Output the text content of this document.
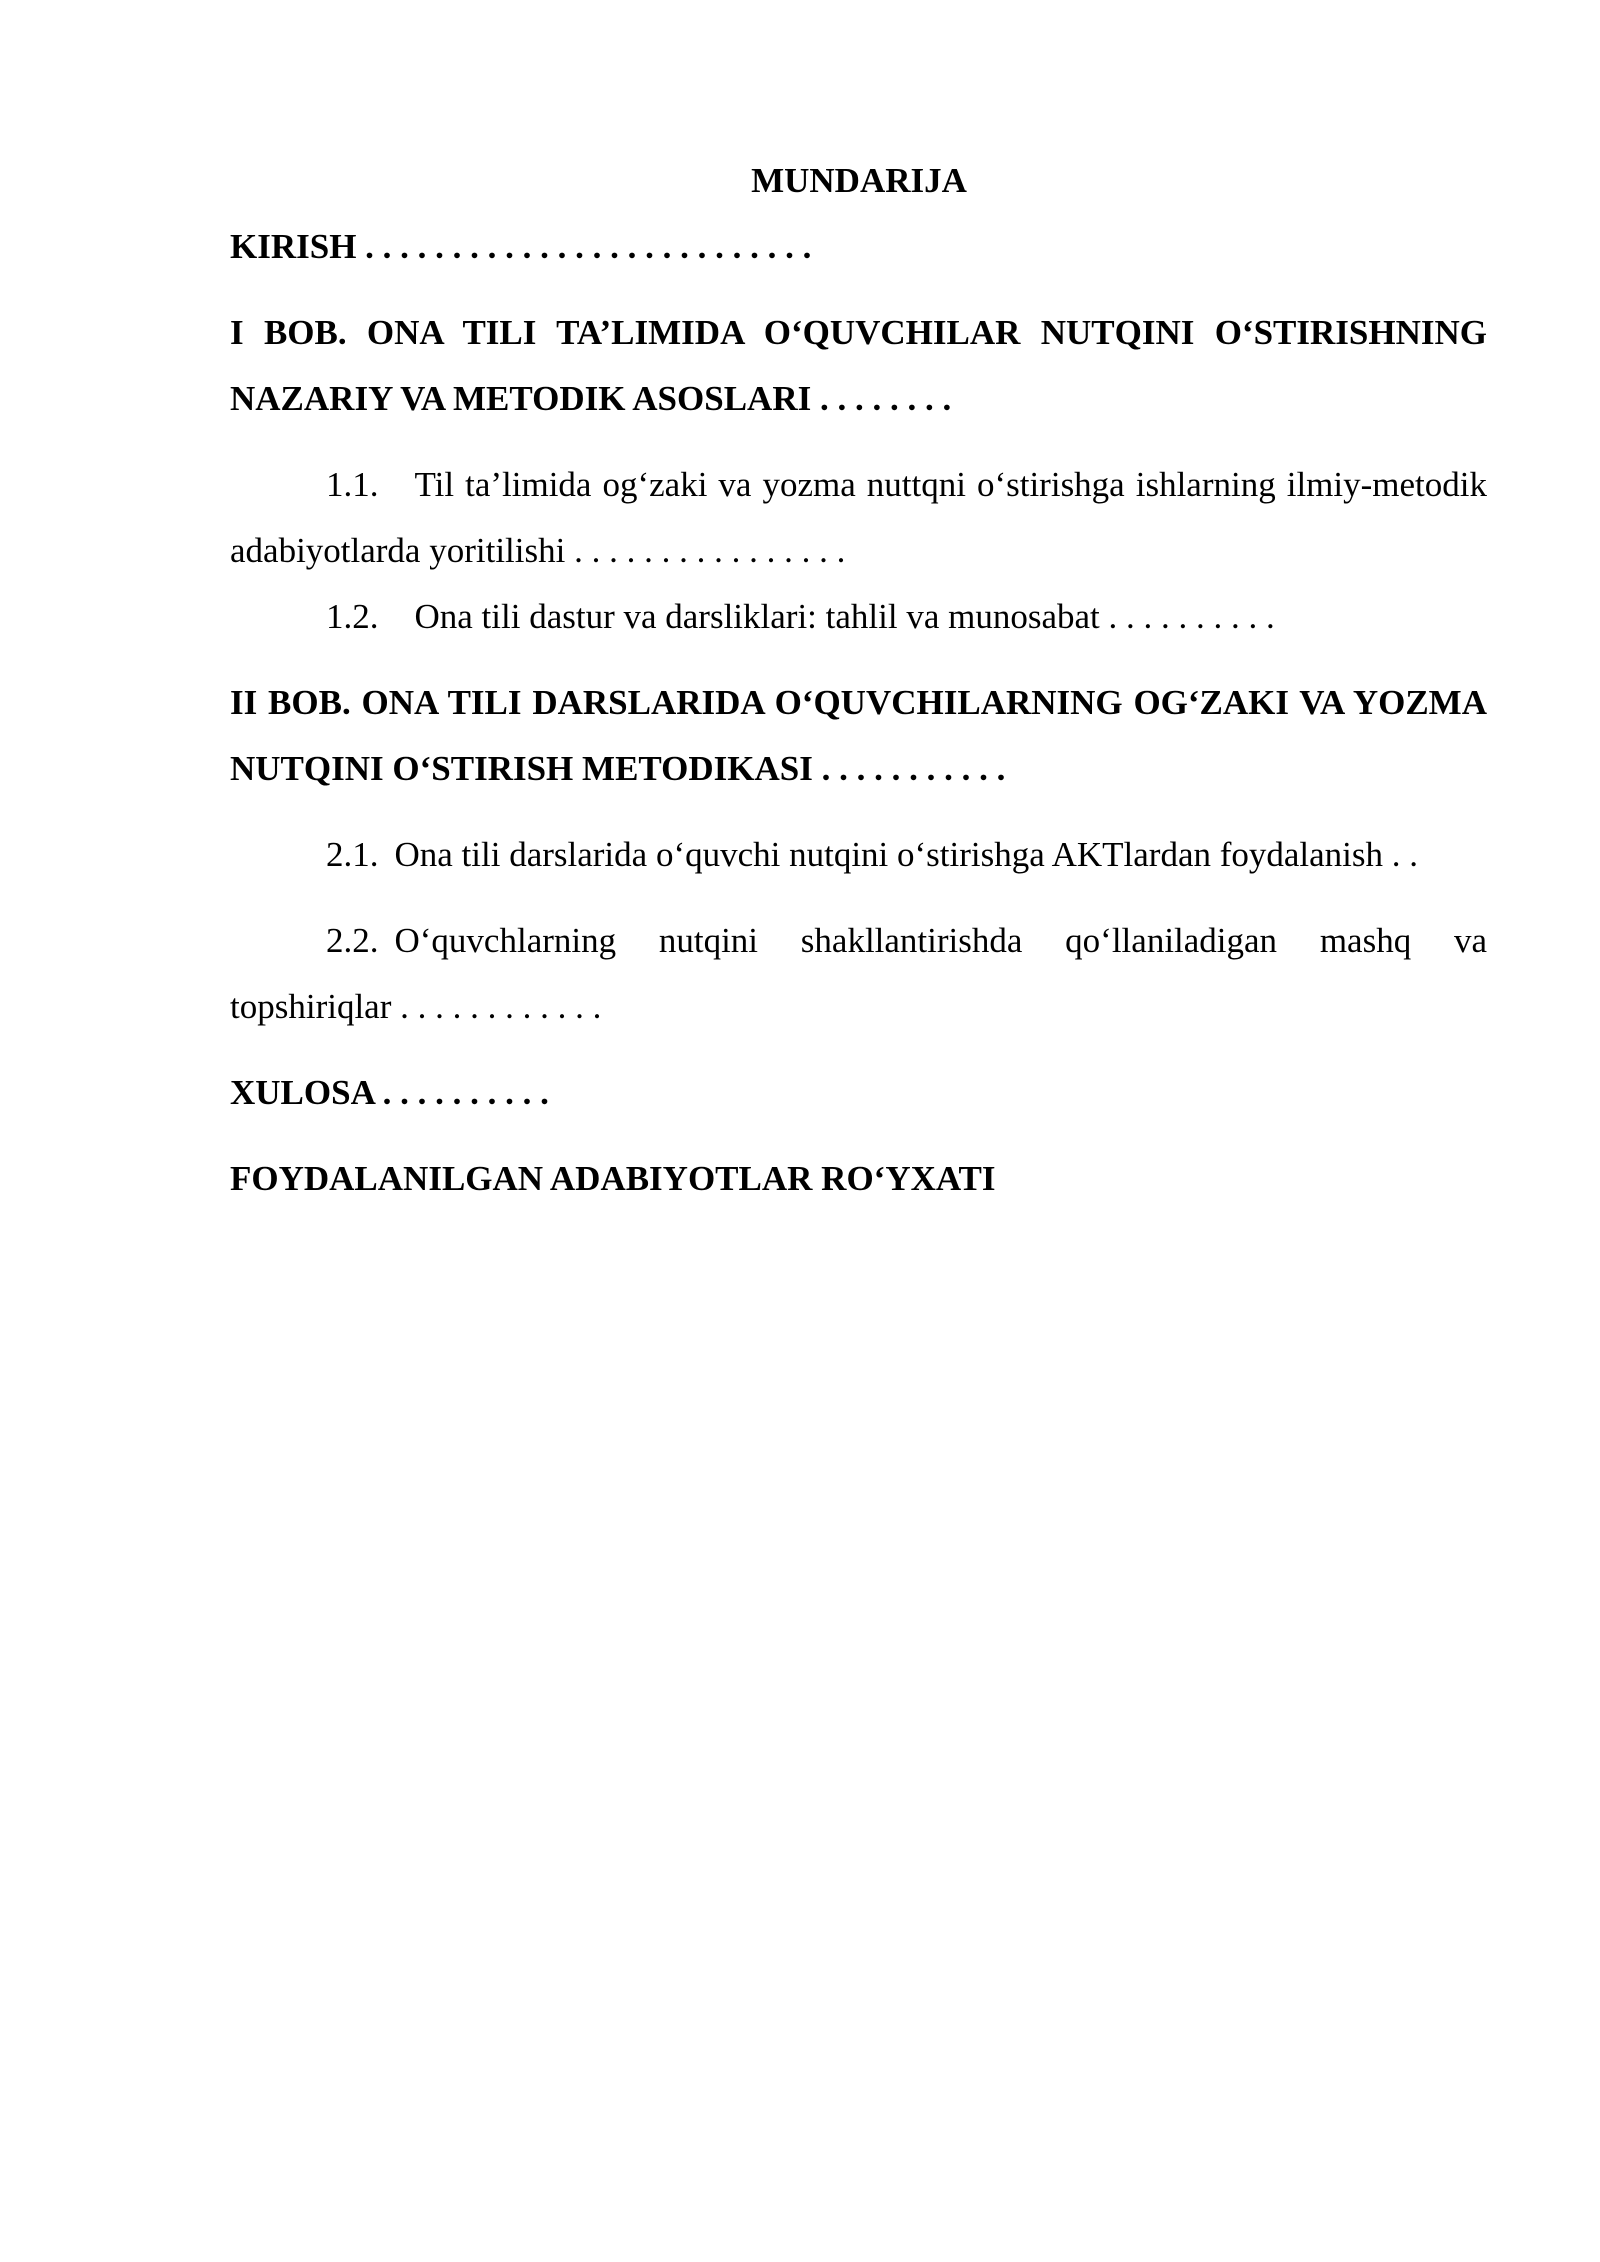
MUNDARIJA

KIRISH . . . . . . . . . . . . . . . . . . . . . . . . . .

I BOB. ONA TILI TA’LIMIDA O‘QUVCHILAR NUTQINI O‘STIRISHNING NAZARIY VA METODIK ASOSLARI . . . . . . . .

1.1. Til ta’limida og‘zaki va yozma nuttqni o‘stirishga ishlarning ilmiy-metodik adabiyotlarda yoritilishi . . . . . . . . . . . . . . . .

1.2. Ona tili dastur va darsliklari: tahlil va munosabat . . . . . . . . . .

II BOB. ONA TILI DARSLARIDA O‘QUVCHILARNING OG‘ZAKI VA YOZMA NUTQINI O‘STIRISH METODIKASI . . . . . . . . . . .

2.1. Ona tili darslarida o‘quvchi nutqini o‘stirishga AKTlardan foydalanish . .

2.2. O‘quvchlarning nutqini shakllantirishda qo‘llaniladigan mashq va topshiriqlar . . . . . . . . . . . .

XULOSA . . . . . . . . . .

FOYDALANILGAN ADABIYOTLAR RO‘YXATI
